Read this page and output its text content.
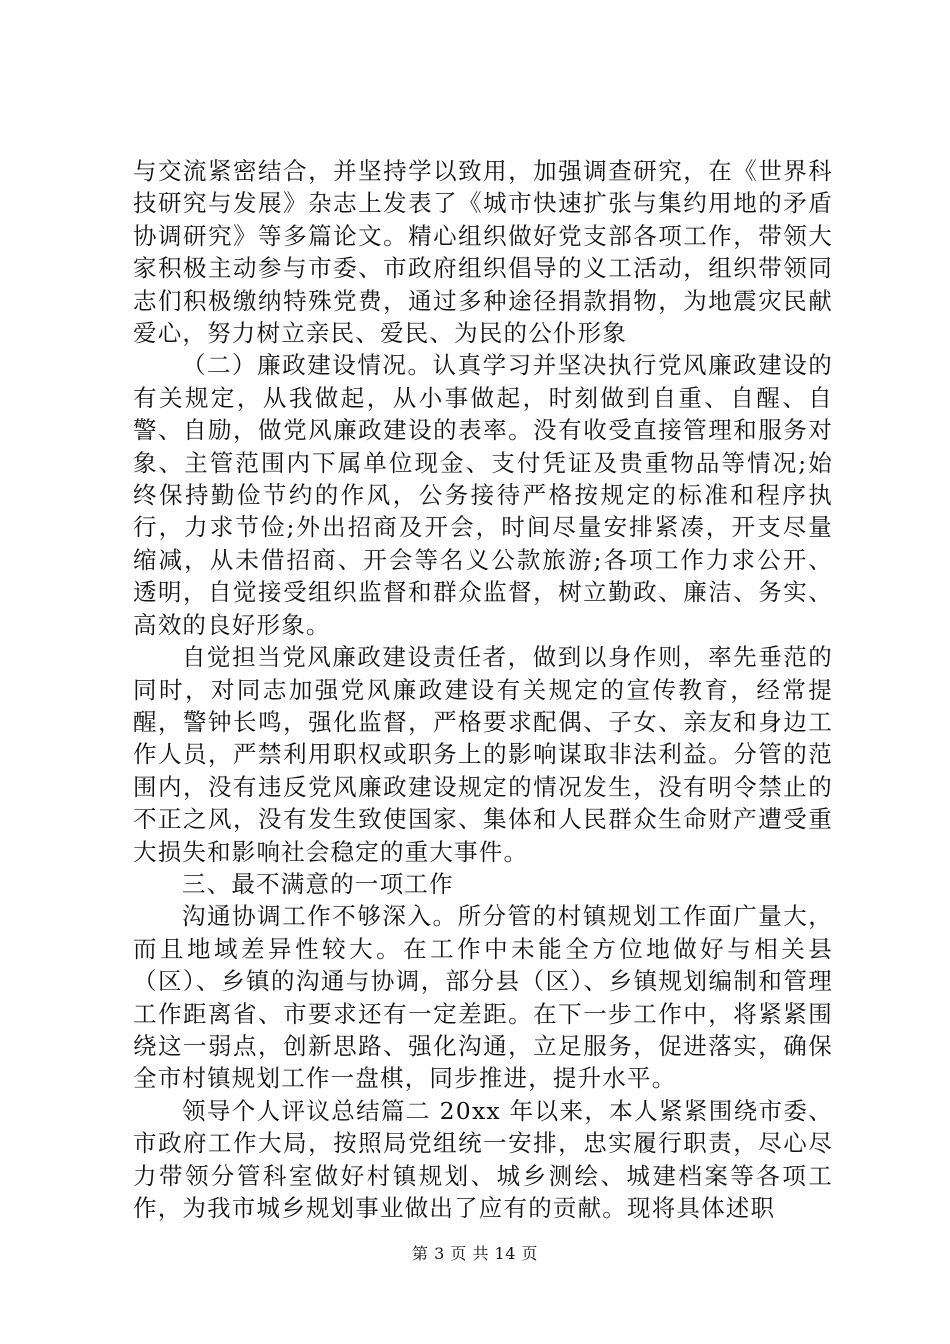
与交流紧密结合，并坚持学以致用，加强调查研究，在《世界科技研究与发展》杂志上发表了《城市快速扩张与集约用地的矛盾协调研究》等多篇论文。精心组织做好党支部各项工作，带领大家积极主动参与市委、市政府组织倡导的义工活动，组织带领同志们积极缴纳特殊党费，通过多种途径捐款捐物，为地震灾民献爱心，努力树立亲民、爱民、为民的公仆形象

（二）廉政建设情况。认真学习并坚决执行党风廉政建设的有关规定，从我做起，从小事做起，时刻做到自重、自醒、自警、自励，做党风廉政建设的表率。没有收受直接管理和服务对象、主管范围内下属单位现金、支付凭证及贵重物品等情况;始终保持勤俭节约的作风，公务接待严格按规定的标准和程序执行，力求节俭;外出招商及开会，时间尽量安排紧凑，开支尽量缩减，从未借招商、开会等名义公款旅游;各项工作力求公开、透明，自觉接受组织监督和群众监督，树立勤政、廉洁、务实、高效的良好形象。

自觉担当党风廉政建设责任者，做到以身作则，率先垂范的同时，对同志加强党风廉政建设有关规定的宣传教育，经常提醒，警钟长鸣，强化监督，严格要求配偶、子女、亲友和身边工作人员，严禁利用职权或职务上的影响谋取非法利益。分管的范围内，没有违反党风廉政建设规定的情况发生，没有明令禁止的不正之风，没有发生致使国家、集体和人民群众生命财产遭受重大损失和影响社会稳定的重大事件。

三、最不满意的一项工作

沟通协调工作不够深入。所分管的村镇规划工作面广量大，而且地域差异性较大。在工作中未能全方位地做好与相关县（区）、乡镇的沟通与协调，部分县（区）、乡镇规划编制和管理工作距离省、市要求还有一定差距。在下一步工作中，将紧紧围绕这一弱点，创新思路、强化沟通，立足服务，促进落实，确保全市村镇规划工作一盘棋，同步推进，提升水平。

领导个人评议总结篇二 20xx 年以来，本人紧紧围绕市委、市政府工作大局，按照局党组统一安排，忠实履行职责，尽心尽力带领分管科室做好村镇规划、城乡测绘、城建档案等各项工作，为我市城乡规划事业做出了应有的贡献。现将具体述职

第 3 页 共 14 页
